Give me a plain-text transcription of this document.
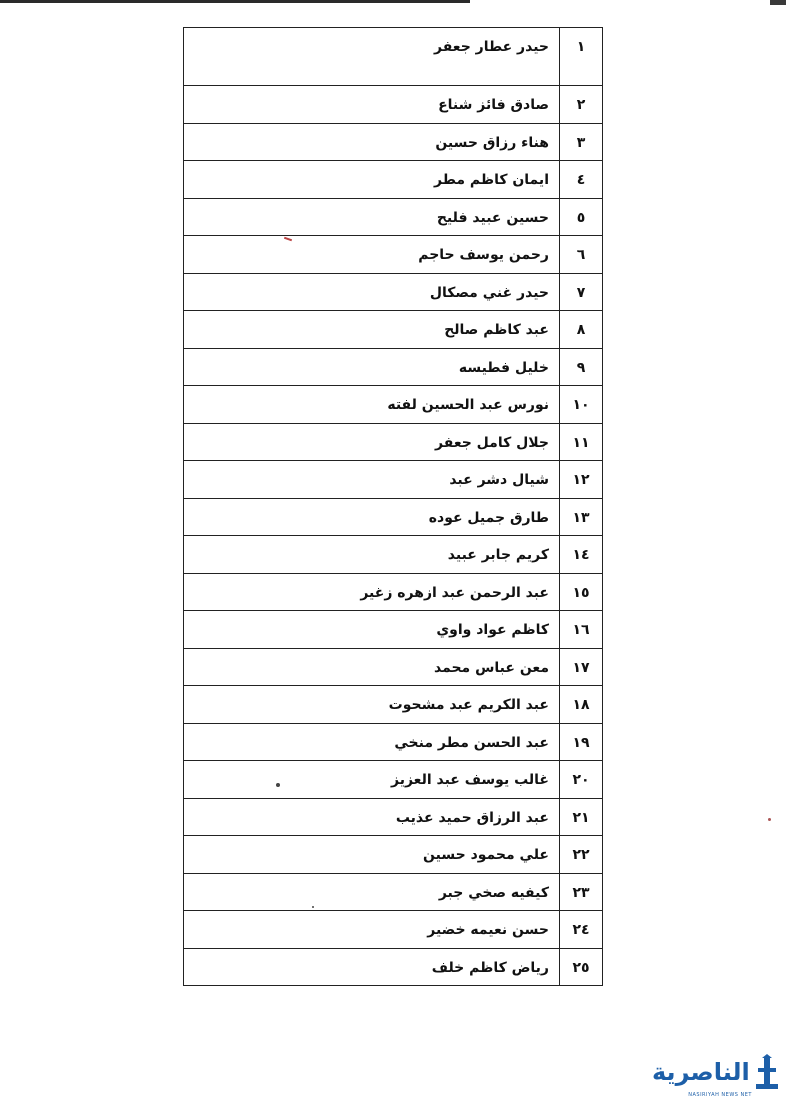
١	حيدر عطار جعفر

٢	صادق فائز شناع

٣	هناء رزاق حسين

٤	ايمان كاظم مطر

٥	حسين عبيد فليح

٦	رحمن يوسف حاجم

٧	حيدر غني مصكال

٨	عبد كاظم صالح

٩	خليل فطيسه

١٠	نورس عبد الحسين لفته

١١	جلال كامل جعفر

١٢	شيال دشر عبد

١٣	طارق جميل عوده

١٤	كريم جابر عبيد

١٥	عبد الرحمن عبد ازهره زغير

١٦	كاظم عواد واوي

١٧	معن عباس محمد

١٨	عبد الكريم عبد مشحوت

١٩	عبد الحسن مطر منخي

٢٠	غالب يوسف عبد العزيز

٢١	عبد الرزاق حميد عذيب

٢٢	علي محمود حسين

٢٣	كيفيه صخي جبر

٢٤	حسن نعيمه خضير

٢٥	رياض كاظم خلف
الناصرية
NASIRIYAH NEWS NET
